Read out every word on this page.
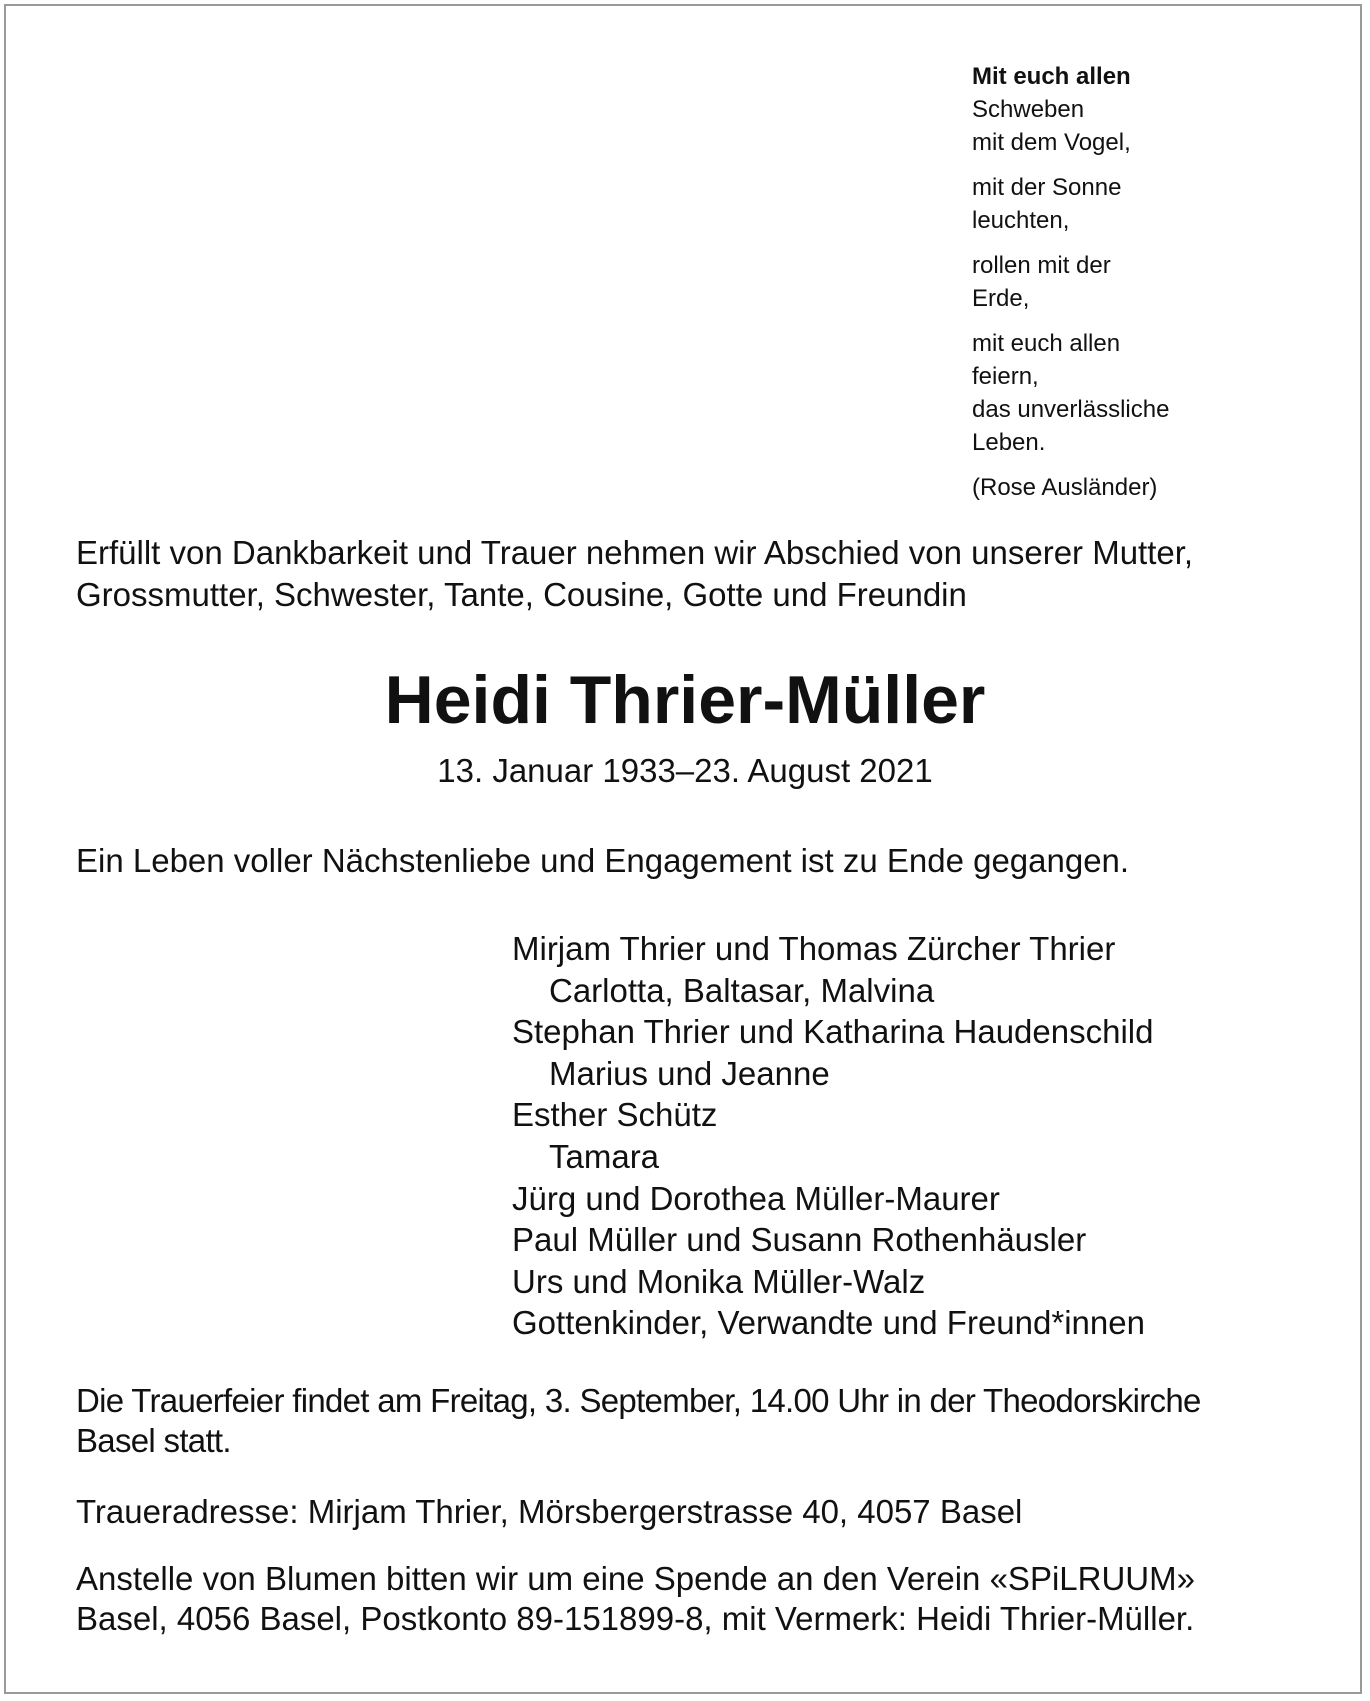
Mit euch allen
Schweben
mit dem Vogel,
mit der Sonne
leuchten,
rollen mit der
Erde,
mit euch allen
feiern,
das unverlässliche
Leben.
(Rose Ausländer)
Erfüllt von Dankbarkeit und Trauer nehmen wir Abschied von unserer Mutter,
Grossmutter, Schwester, Tante, Cousine, Gotte und Freundin
Heidi Thrier-Müller
13. Januar 1933–23. August 2021
Ein Leben voller Nächstenliebe und Engagement ist zu Ende gegangen.
Mirjam Thrier und Thomas Zürcher Thrier
Carlotta, Baltasar, Malvina
Stephan Thrier und Katharina Haudenschild
Marius und Jeanne
Esther Schütz
Tamara
Jürg und Dorothea Müller-Maurer
Paul Müller und Susann Rothenhäusler
Urs und Monika Müller-Walz
Gottenkinder, Verwandte und Freund*innen
Die Trauerfeier findet am Freitag, 3. September, 14.00 Uhr in der Theodorskirche
Basel statt.
Traueradresse: Mirjam Thrier, Mörsbergerstrasse 40, 4057 Basel
Anstelle von Blumen bitten wir um eine Spende an den Verein «SPiLRUUM»
Basel, 4056 Basel, Postkonto 89-151899-8, mit Vermerk: Heidi Thrier-Müller.
